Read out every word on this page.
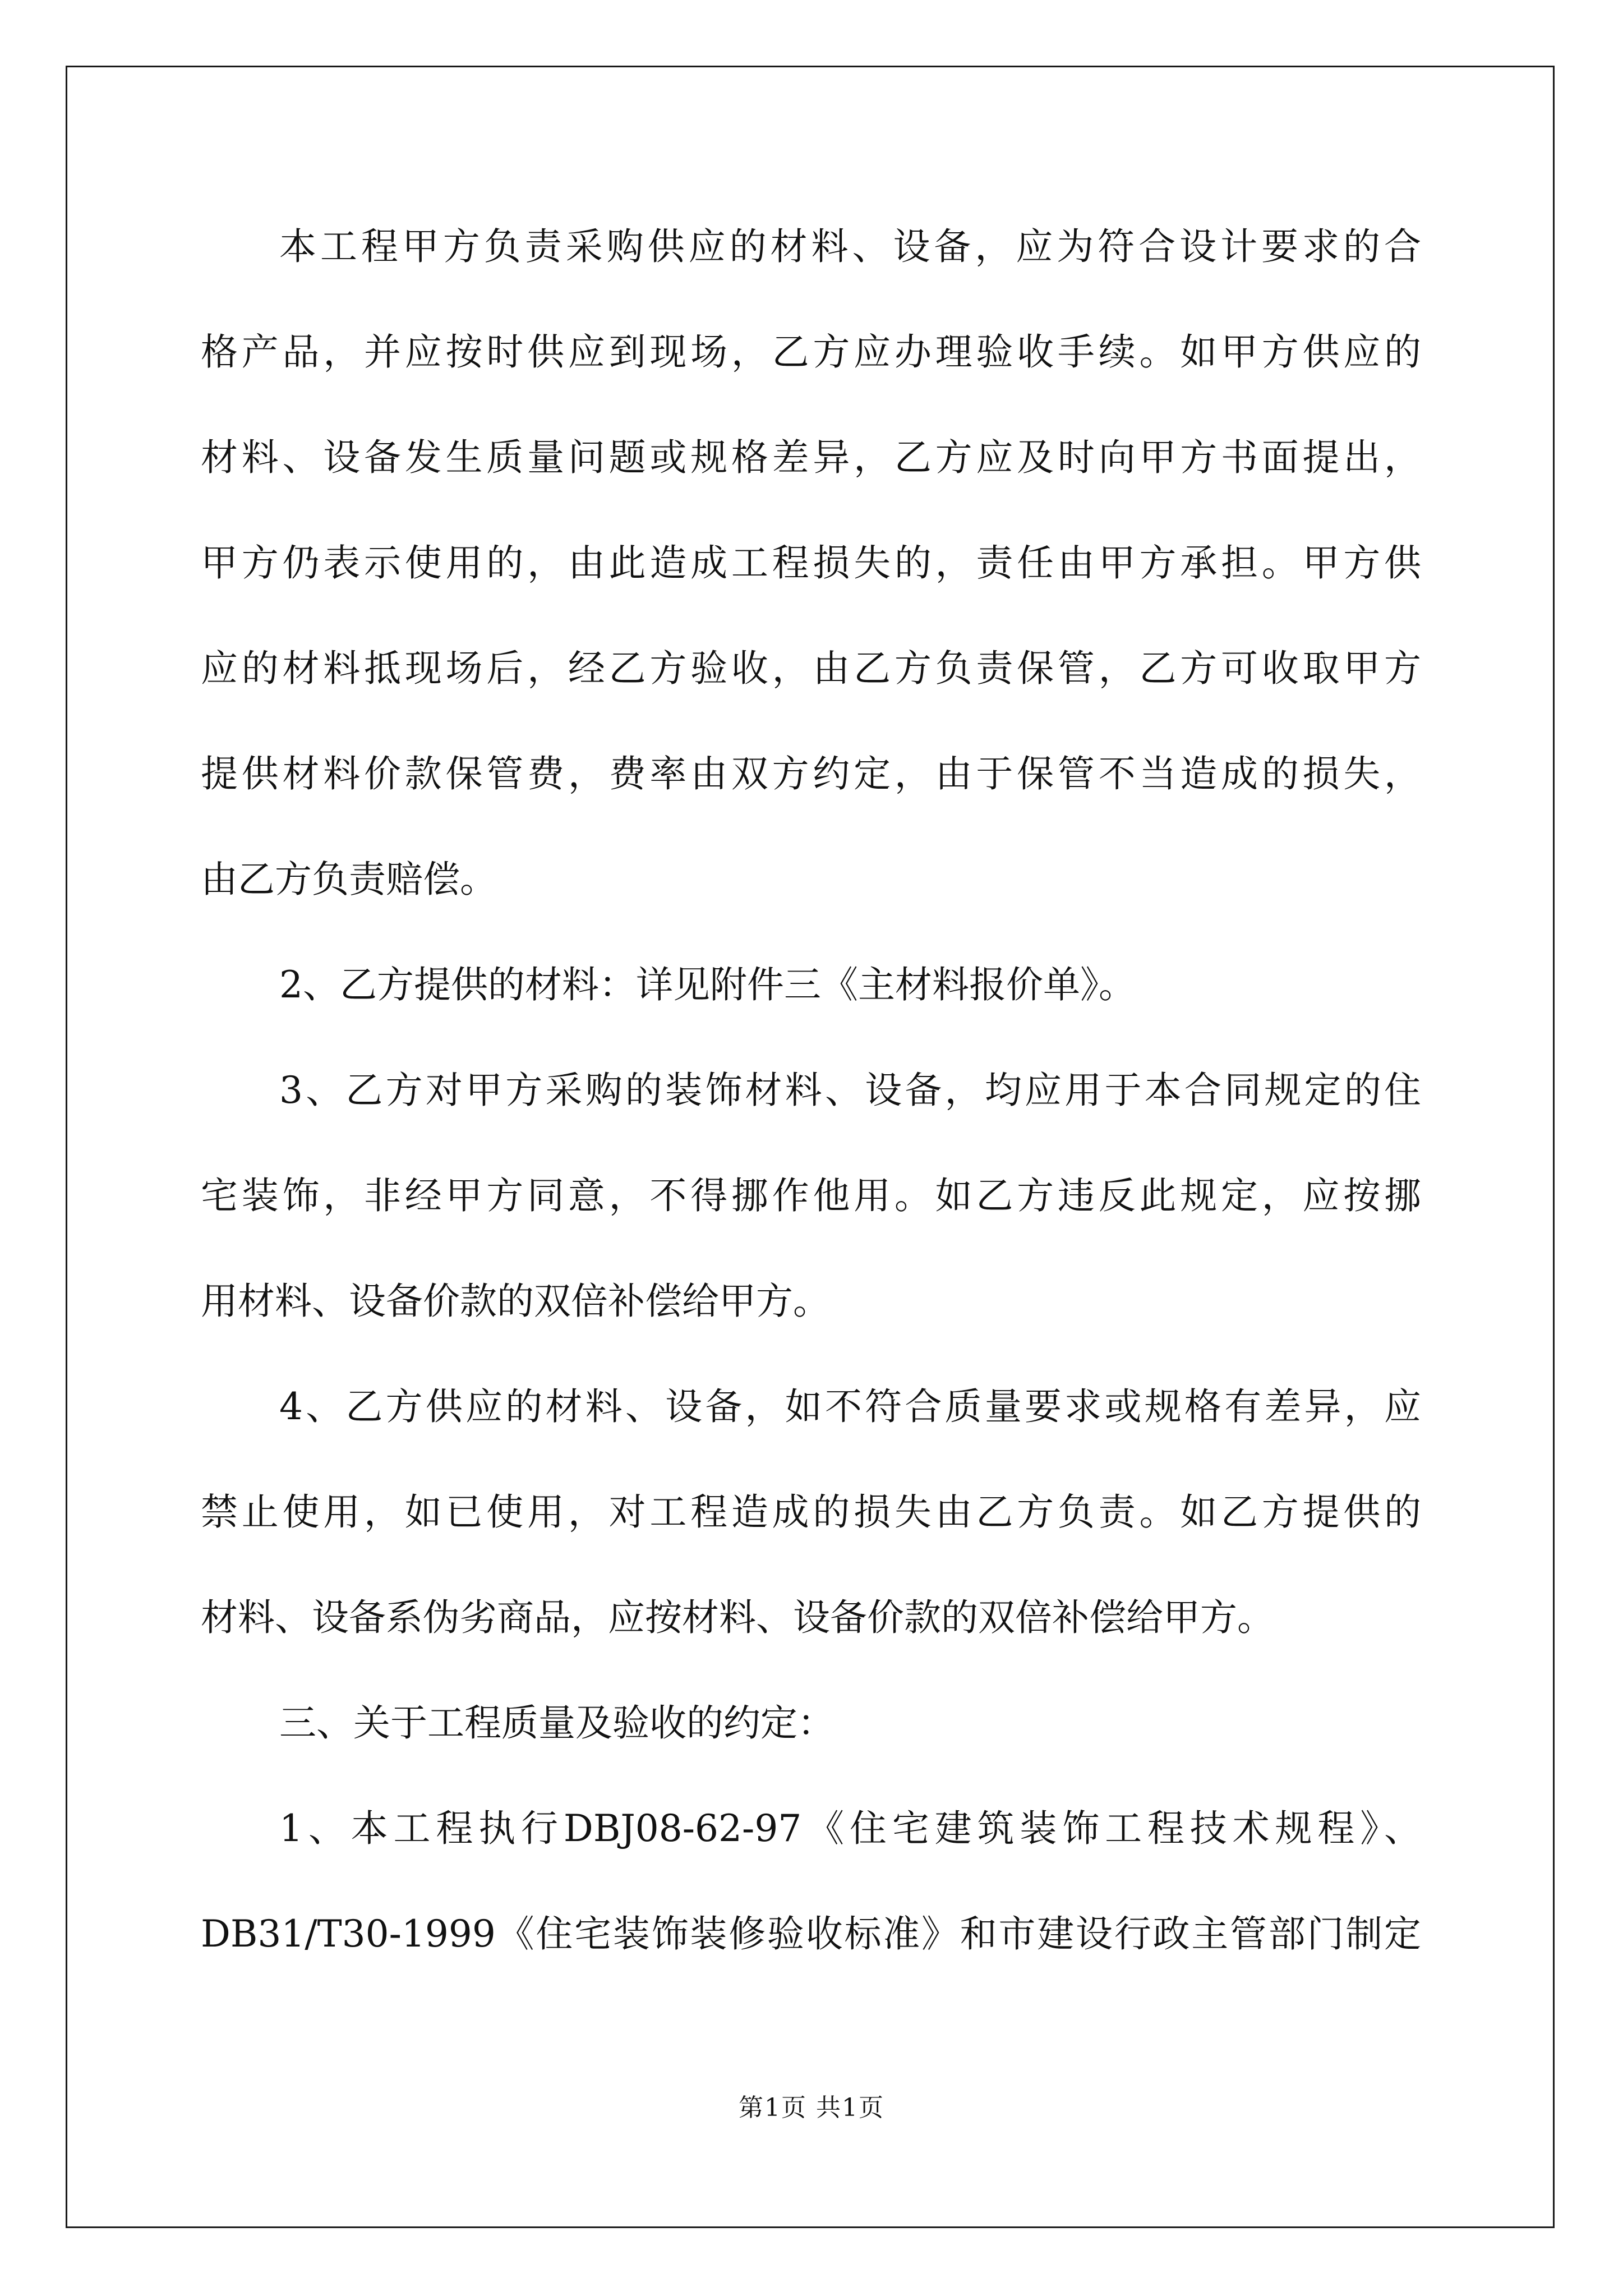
本工程甲方负责采购供应的材料、设备，应为符合设计要求的合
格产品，并应按时供应到现场，乙方应办理验收手续。如甲方供应的
材料、设备发生质量问题或规格差异，乙方应及时向甲方书面提出，
甲方仍表示使用的，由此造成工程损失的，责任由甲方承担。甲方供
应的材料抵现场后，经乙方验收，由乙方负责保管，乙方可收取甲方
提供材料价款保管费，费率由双方约定，由于保管不当造成的损失，
由乙方负责赔偿。
2、乙方提供的材料：详见附件三《主材料报价单》。
3、乙方对甲方采购的装饰材料、设备，均应用于本合同规定的住
宅装饰，非经甲方同意，不得挪作他用。如乙方违反此规定，应按挪
用材料、设备价款的双倍补偿给甲方。
4、乙方供应的材料、设备，如不符合质量要求或规格有差异，应
禁止使用，如已使用，对工程造成的损失由乙方负责。如乙方提供的
材料、设备系伪劣商品，应按材料、设备价款的双倍补偿给甲方。
三、关于工程质量及验收的约定：
1、本工程执行DBJ08-62-97《住宅建筑装饰工程技术规程》、
DB31/T30-1999《住宅装饰装修验收标准》和市建设行政主管部门制定
第1页 共1页
